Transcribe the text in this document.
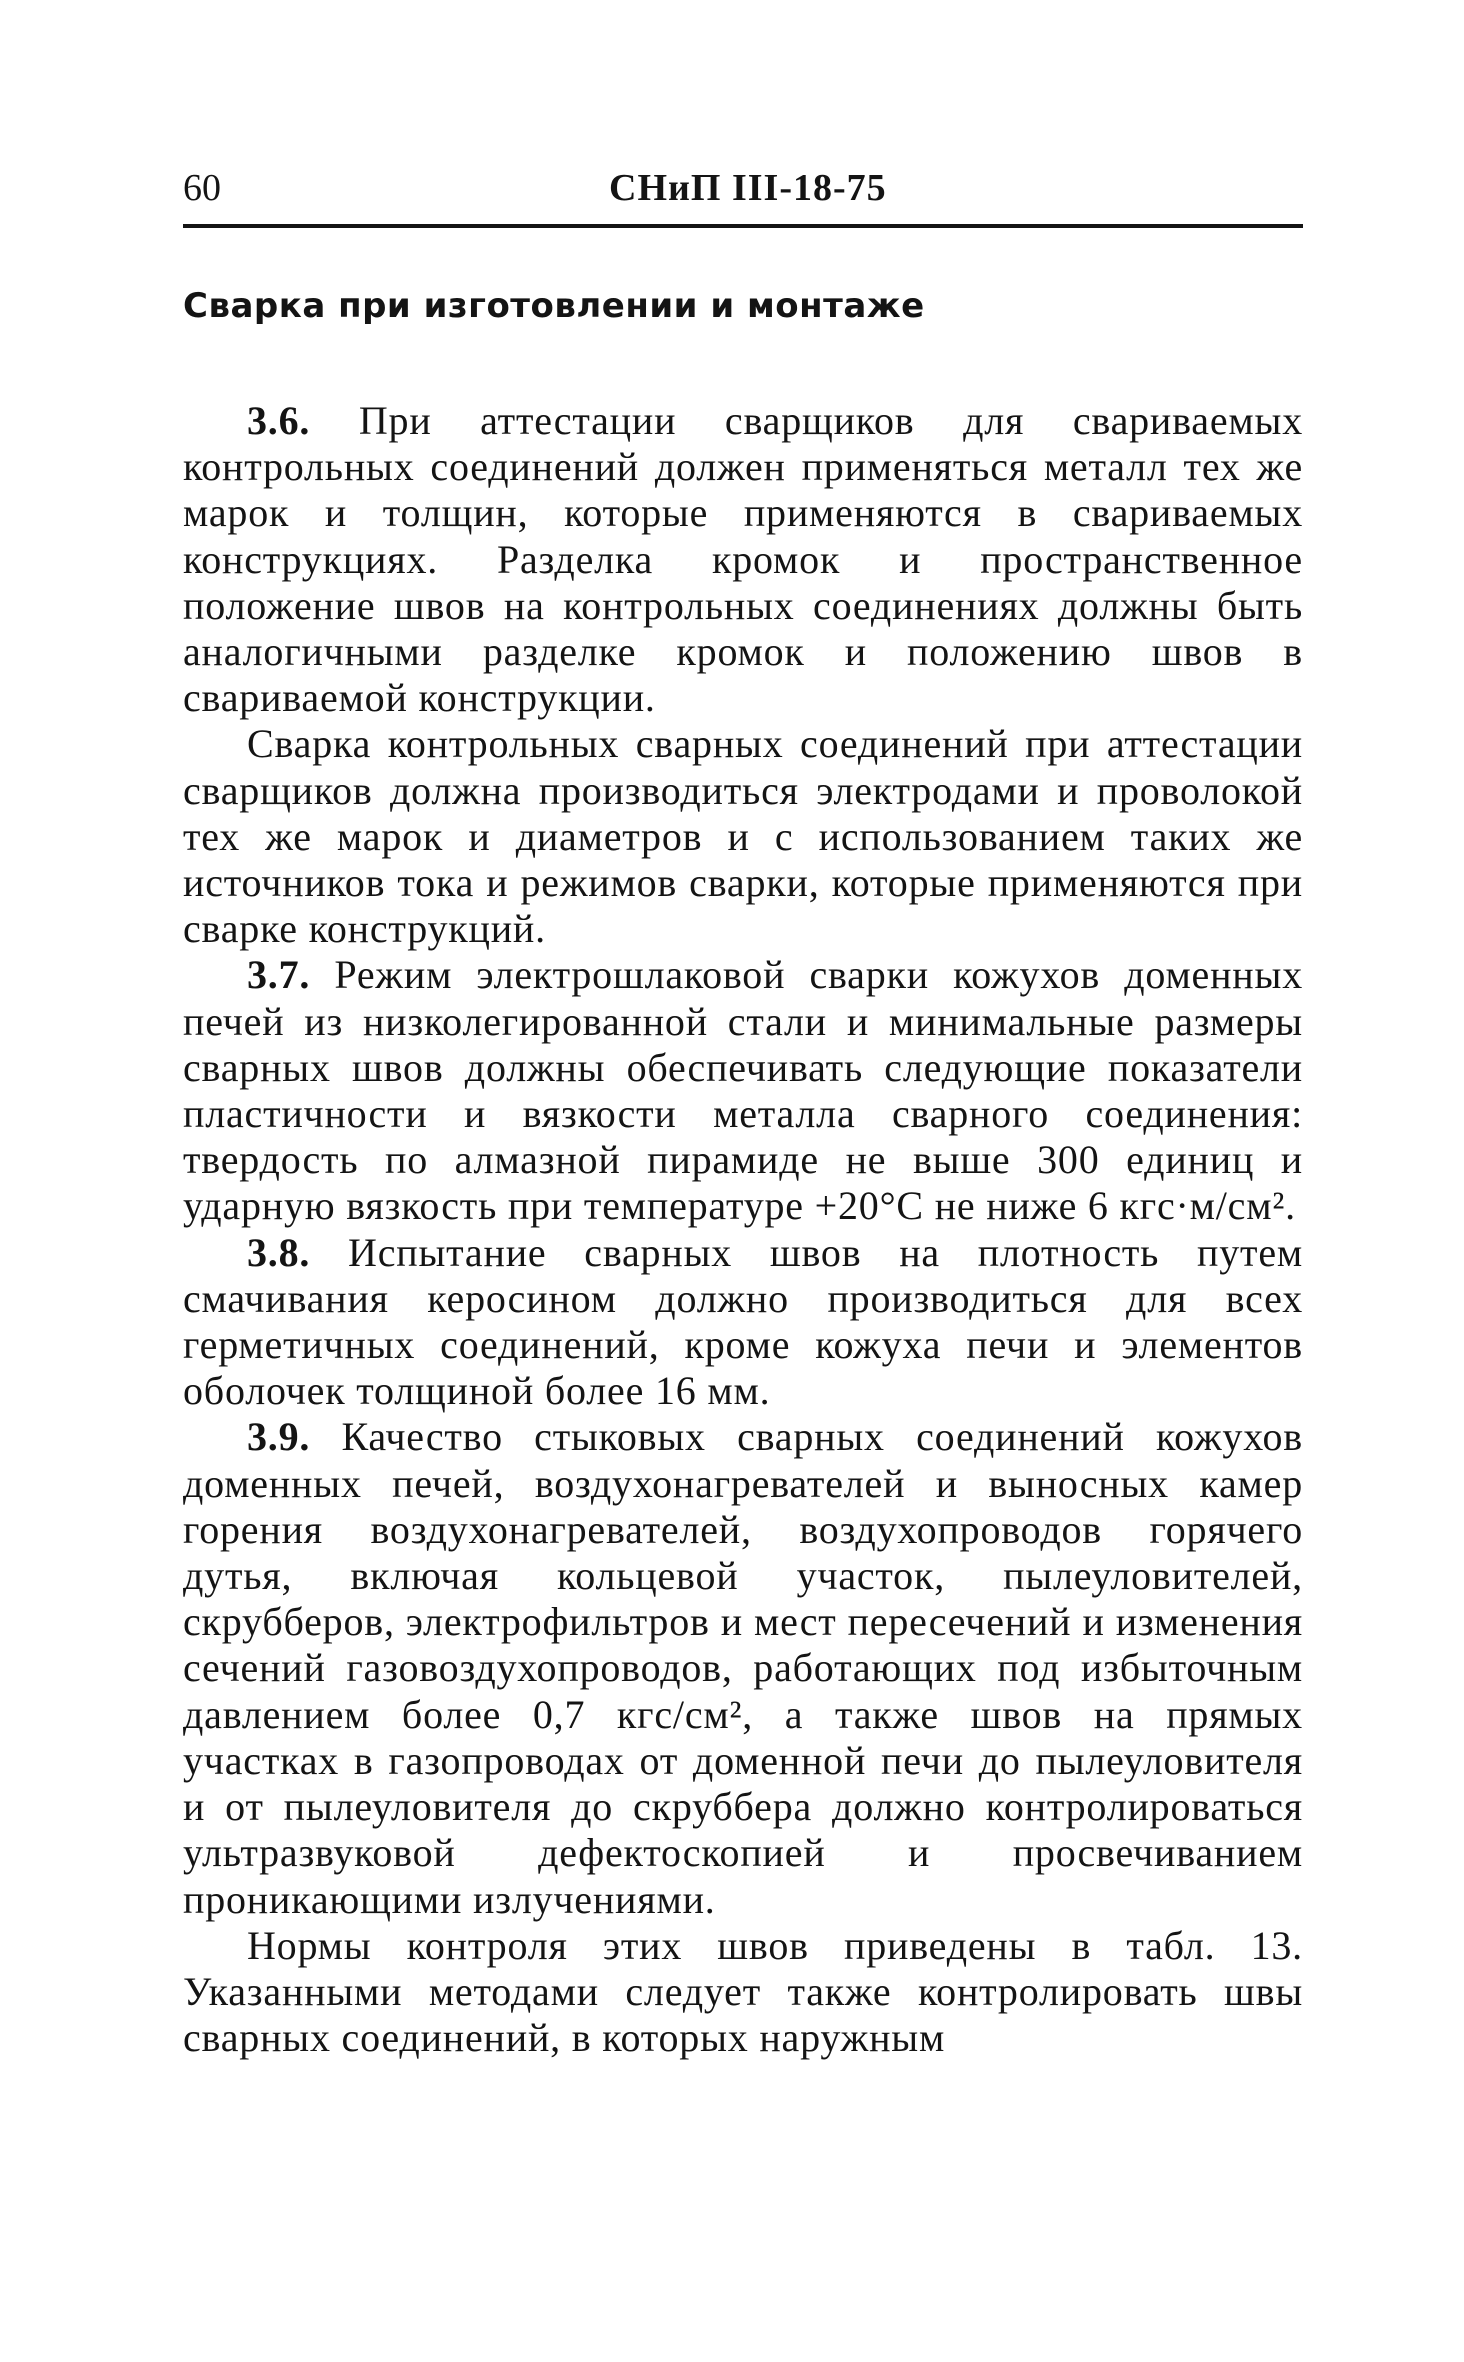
60	СНиП III-18-75
Сварка при изготовлении и монтаже

3.6. При аттестации сварщиков для свариваемых контрольных соединений должен применяться металл тех же марок и толщин, которые применяются в свариваемых конструкциях. Разделка кромок и пространственное положение швов на контрольных соединениях должны быть аналогичными разделке кромок и положению швов в свариваемой конструкции.

Сварка контрольных сварных соединений при аттестации сварщиков должна производиться электродами и проволокой тех же марок и диаметров и с использованием таких же источников тока и режимов сварки, которые применяются при сварке конструкций.

3.7. Режим электрошлаковой сварки кожухов доменных печей из низколегированной стали и минимальные размеры сварных швов должны обеспечивать следующие показатели пластичности и вязкости металла сварного соединения: твердость по алмазной пирамиде не выше 300 единиц и ударную вязкость при температуре +20°С не ниже 6 кгс·м/см².

3.8. Испытание сварных швов на плотность путем смачивания керосином должно производиться для всех герметичных соединений, кроме кожуха печи и элементов оболочек толщиной более 16 мм.

3.9. Качество стыковых сварных соединений кожухов доменных печей, воздухонагревателей и выносных камер горения воздухонагревателей, воздухопроводов горячего дутья, включая кольцевой участок, пылеуловителей, скрубберов, электрофильтров и мест пересечений и изменения сечений газовоздухопроводов, работающих под избыточным давлением более 0,7 кгс/см², а также швов на прямых участках в газопроводах от доменной печи до пылеуловителя и от пылеуловителя до скруббера должно контролироваться ультразвуковой дефектоскопией и просвечиванием проникающими излучениями.

Нормы контроля этих швов приведены в табл. 13. Указанными методами следует также контролировать швы сварных соединений, в которых наружным
